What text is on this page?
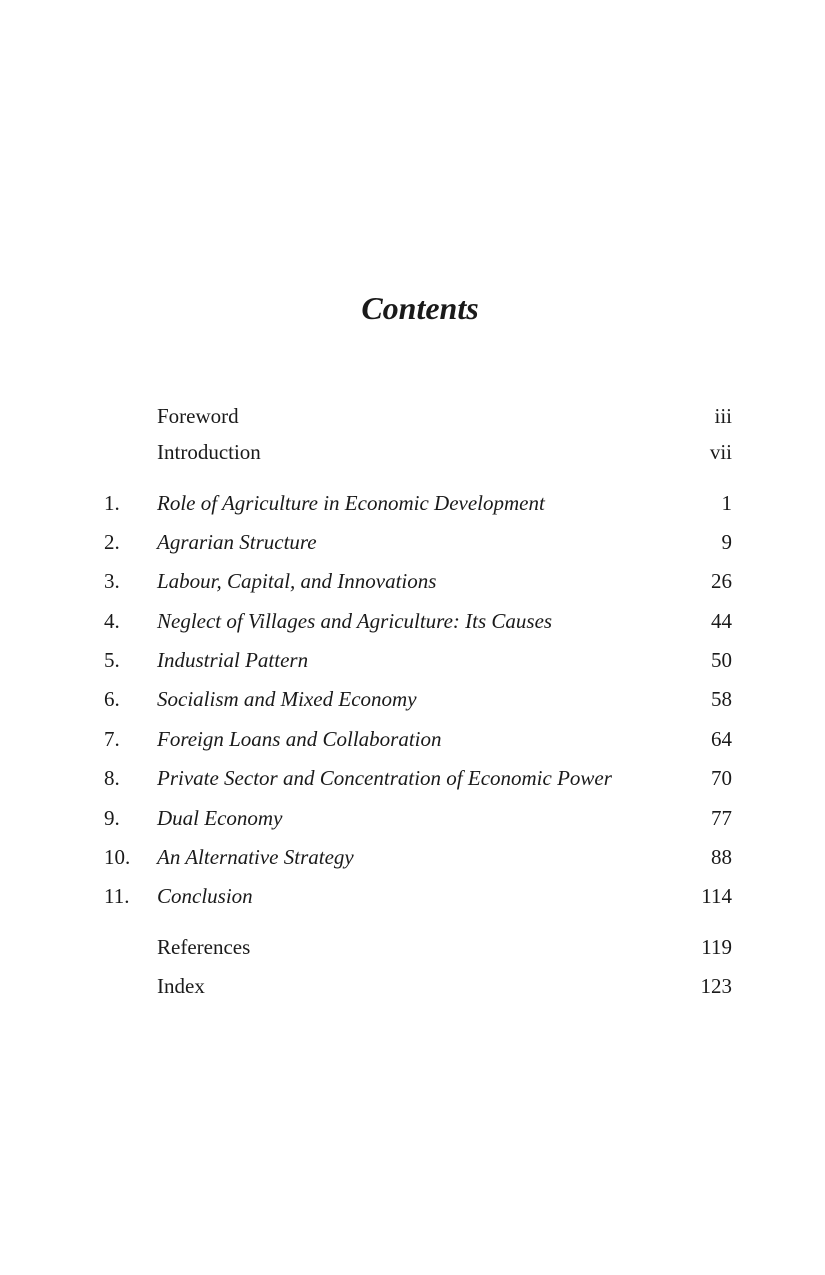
Contents
Foreword	iii
Introduction	vii
1. Role of Agriculture in Economic Development	1
2. Agrarian Structure	9
3. Labour, Capital, and Innovations	26
4. Neglect of Villages and Agriculture: Its Causes	44
5. Industrial Pattern	50
6. Socialism and Mixed Economy	58
7. Foreign Loans and Collaboration	64
8. Private Sector and Concentration of Economic Power	70
9. Dual Economy	77
10. An Alternative Strategy	88
11. Conclusion	114
References	119
Index	123
